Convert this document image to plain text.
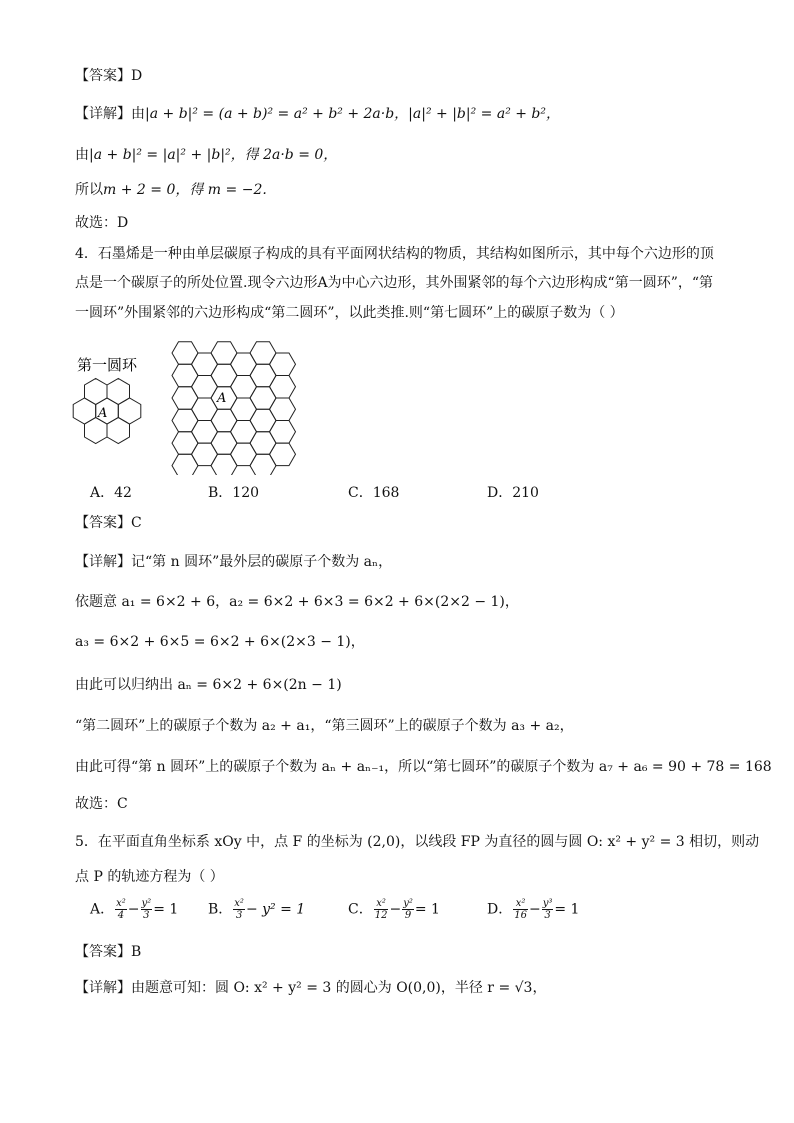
【答案】D
【详解】由|a + b|² = (a + b)² = a² + b² + 2a·b，|a|² + |b|² = a² + b²，
由|a + b|² = |a|² + |b|²，得 2a·b = 0，
所以m + 2 = 0，得 m = −2.
故选：D
4．石墨烯是一种由单层碳原子构成的具有平面网状结构的物质，其结构如图所示，其中每个六边形的顶
点是一个碳原子的所处位置.现令六边形A为中心六边形，其外围紧邻的每个六边形构成“第一圆环”，“第
一圆环”外围紧邻的六边形构成“第二圆环”，以此类推.则“第七圆环”上的碳原子数为（ ）
第一圆环
A
A
A．42	B．120	C．168	D．210
【答案】C
【详解】记“第 n 圆环”最外层的碳原子个数为 aₙ，
依题意 a₁ = 6×2 + 6，a₂ = 6×2 + 6×3 = 6×2 + 6×(2×2 − 1)，
a₃ = 6×2 + 6×5 = 6×2 + 6×(2×3 − 1)，
由此可以归纳出 aₙ = 6×2 + 6×(2n − 1)
“第二圆环”上的碳原子个数为 a₂ + a₁，“第三圆环”上的碳原子个数为 a₃ + a₂，
由此可得“第 n 圆环”上的碳原子个数为 aₙ + aₙ₋₁，所以“第七圆环”的碳原子个数为 a₇ + a₆ = 90 + 78 = 168
故选：C
5．在平面直角坐标系 xOy 中，点 F 的坐标为 (2,0)，以线段 FP 为直径的圆与圆 O: x² + y² = 3 相切，则动
点 P 的轨迹方程为（ ）
A． $\frac{\text{x²}}{4} - \frac{\text{y²}}{3} = 1$ B． $\frac{\text{x²}}{3} - y^2 = 1$	C． $\frac{\text{x²}}{12} - \frac{\text{y²}}{9} = 1$	D． $\frac{\text{x²}}{16} - \frac{\text{y³}}{3} = 1$
【答案】B
【详解】由题意可知：圆 O: x² + y² = 3 的圆心为 O(0,0)，半径 r = √3，
